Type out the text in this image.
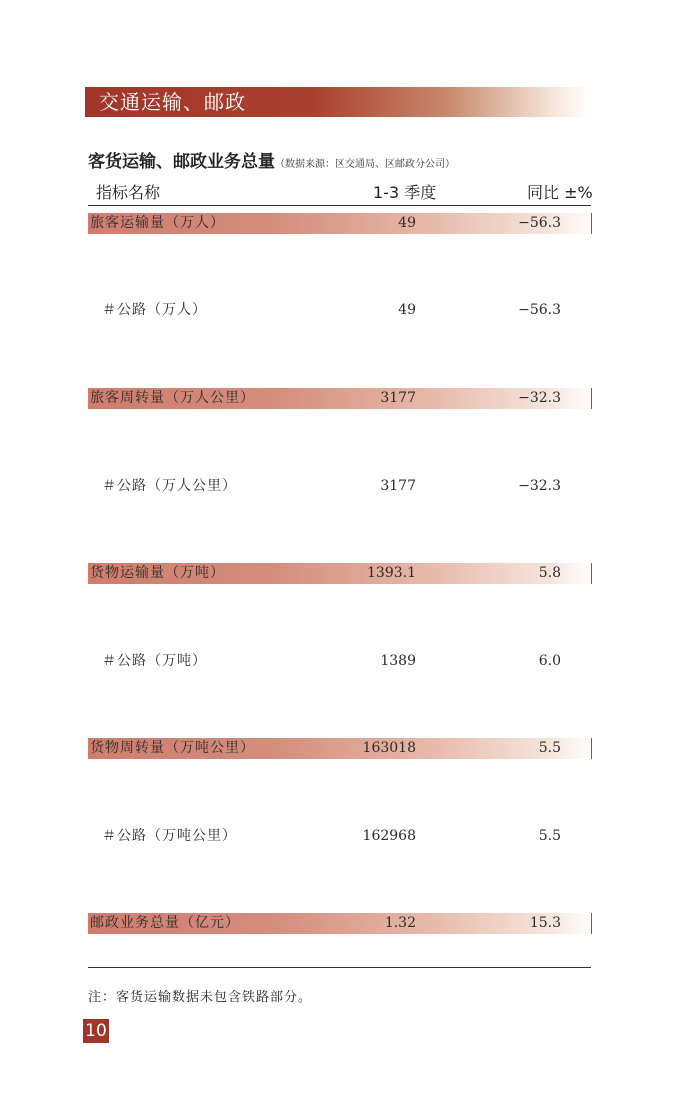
交通运输、邮政
客货运输、邮政业务总量（数据来源：区交通局、区邮政分公司）
指标名称	1-3 季度	同比 ±%
旅客运输量（万人）	49	−56.3
＃公路（万人）	49	−56.3
旅客周转量（万人公里）	3177	−32.3
＃公路（万人公里）	3177	−32.3
货物运输量（万吨）	1393.1	5.8
＃公路（万吨）	1389	6.0
货物周转量（万吨公里）	163018	5.5
＃公路（万吨公里）	162968	5.5
邮政业务总量（亿元）	1.32	15.3
注：客货运输数据未包含铁路部分。
10
